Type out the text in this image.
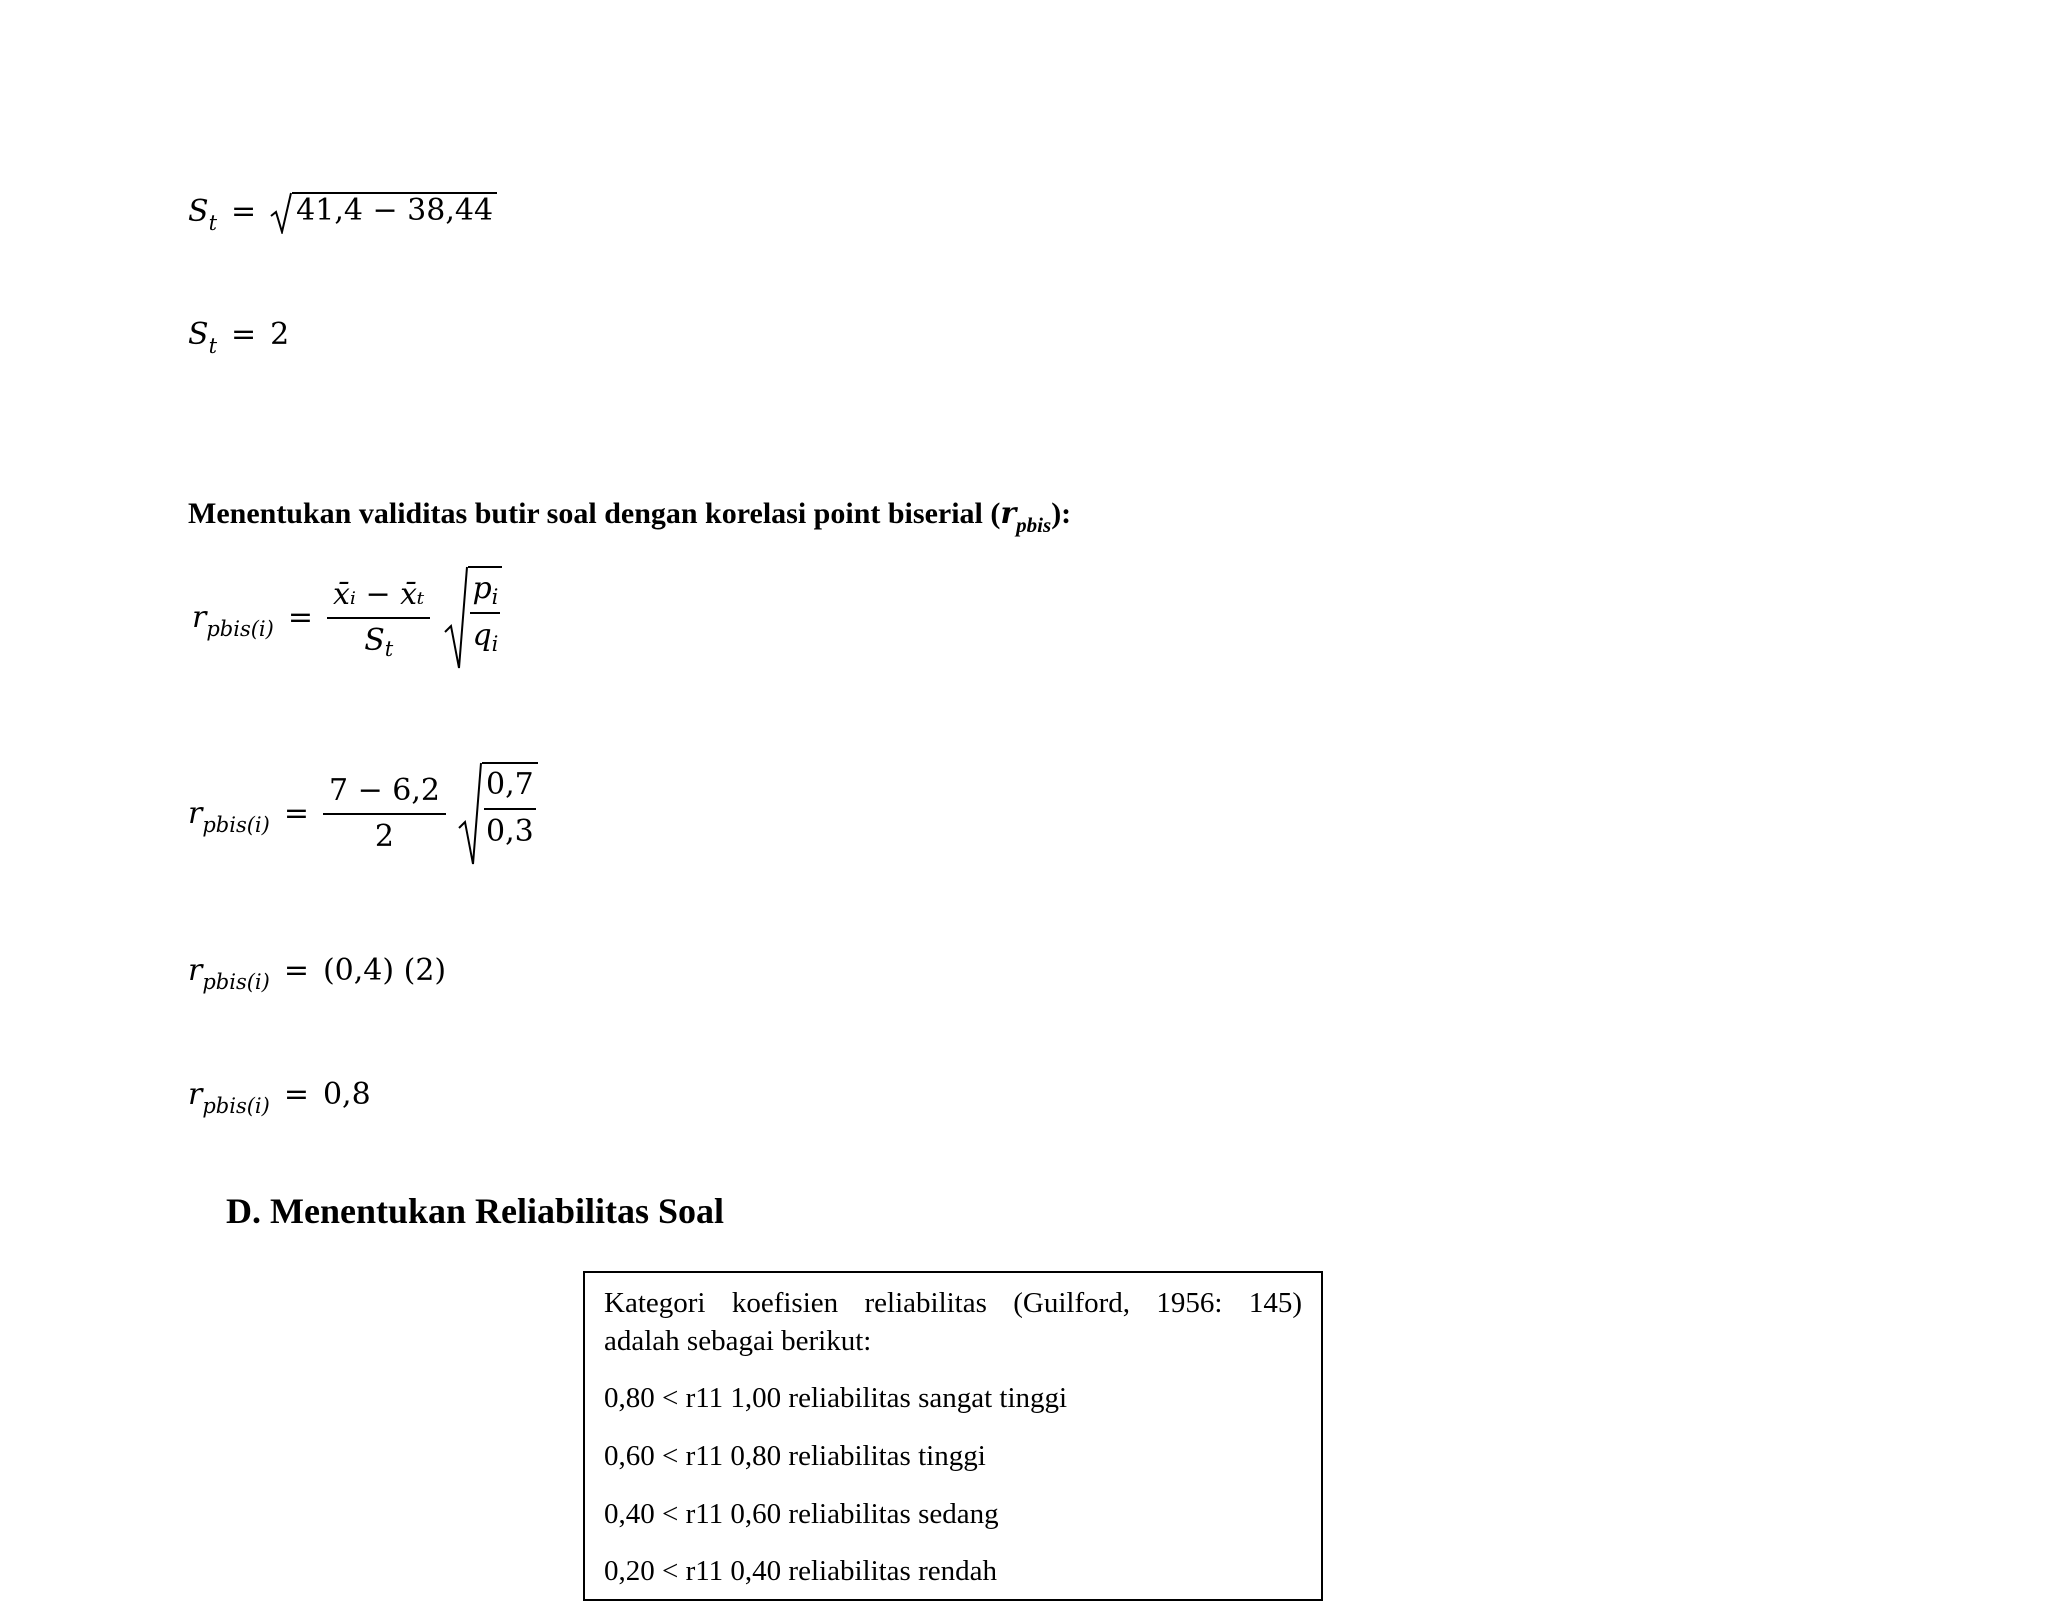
$S_t = 41,4 - 38,44$
$S_t = 2$
Menentukan validitas butir soal dengan korelasi point biserial $(r_{pbis})$:
$r_{pbis(i)} = \frac{\text{x̄ᵢ − x̄ₜ}}{S_t} \frac{p_i}{q_i}$
$r_{pbis(i)} = \frac{7 - 6,2}{2} \frac{0,7}{0,3}$
$r_{pbis(i)} = (0,4)$ (2)
$r_{pbis(i)} = 0,8$
D. Menentukan Reliabilitas Soal

Kategori koefisien reliabilitas (Guilford, 1956: 145)

adalah sebagai berikut:

0,80 < r11 1,00 reliabilitas sangat tinggi

0,60 < r11 0,80 reliabilitas tinggi

0,40 < r11 0,60 reliabilitas sedang

0,20 < r11 0,40 reliabilitas rendah
